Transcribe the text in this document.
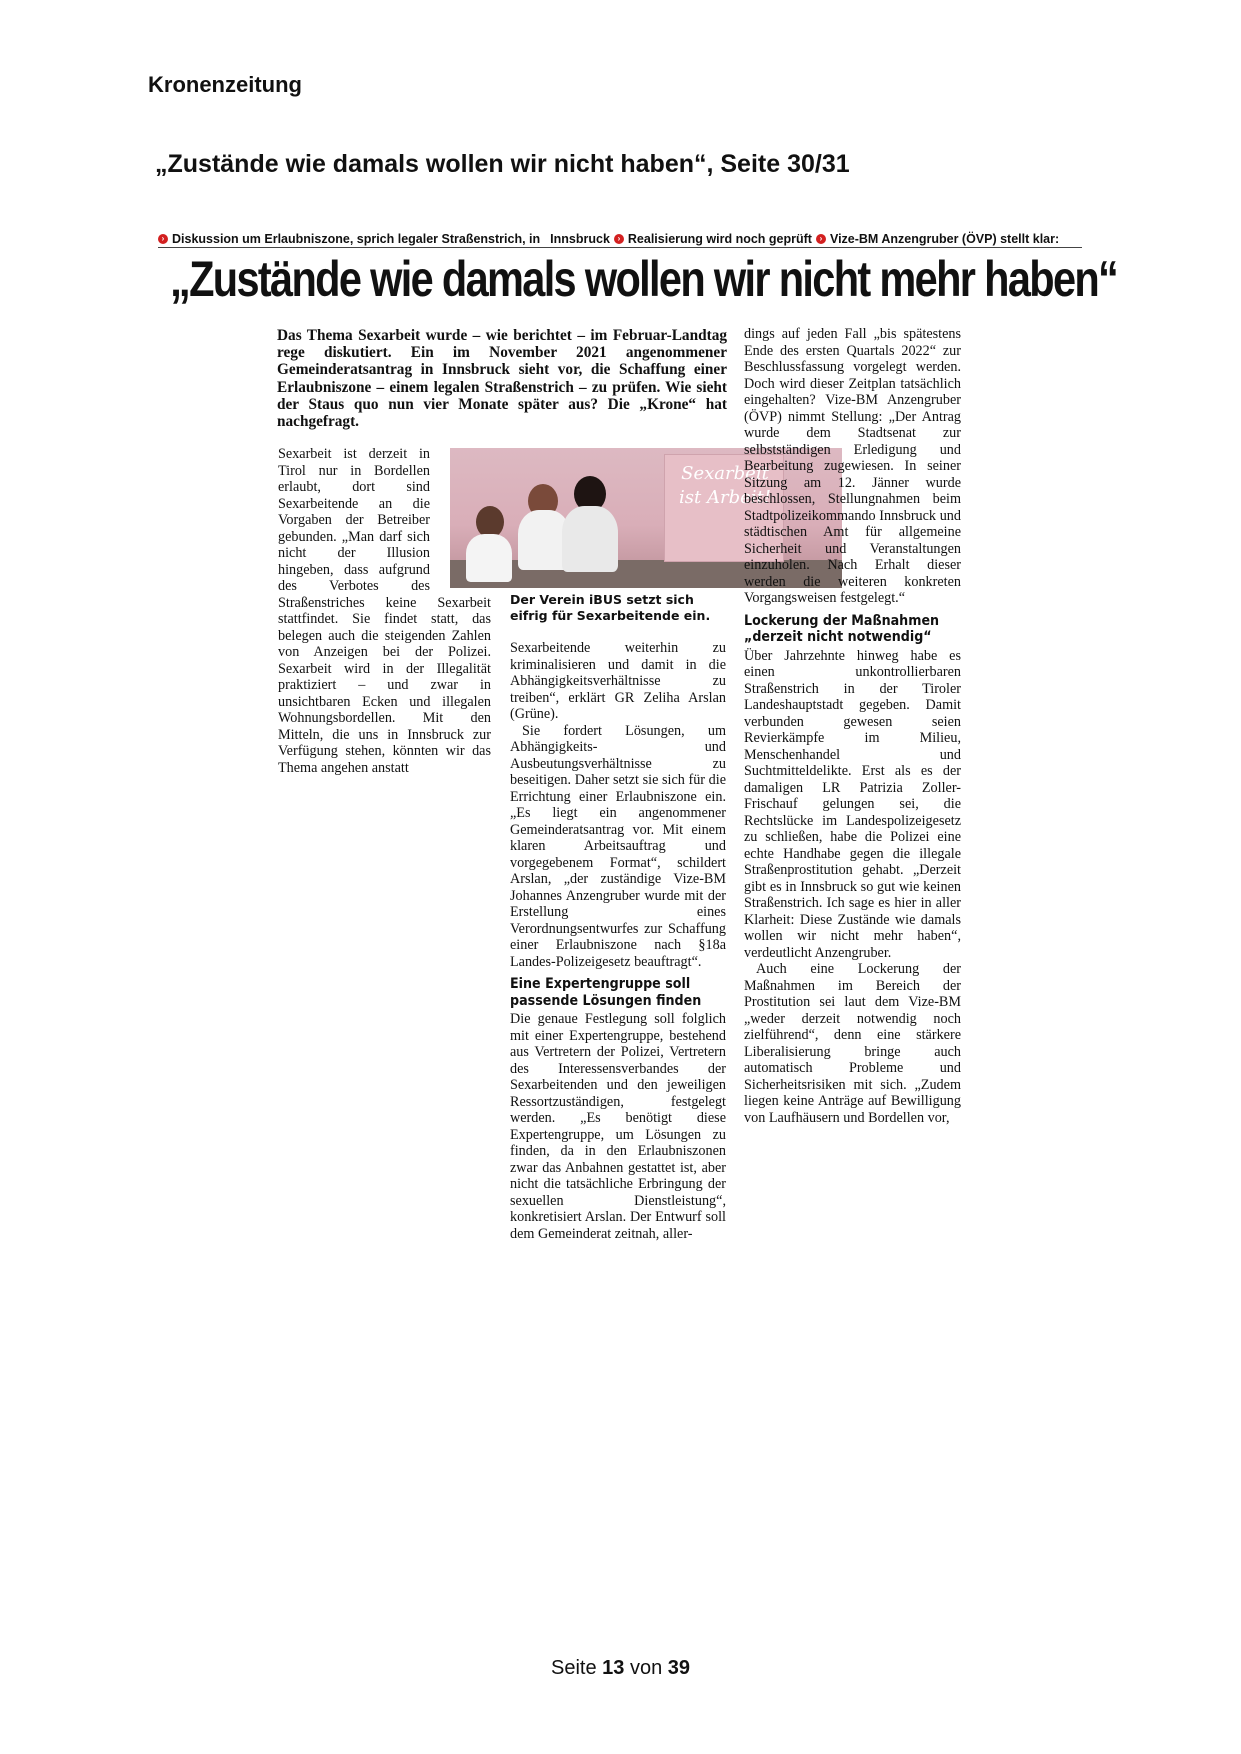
Kronenzeitung
„Zustände wie damals wollen wir nicht haben“, Seite 30/31
› Diskussion um Erlaubniszone, sprich legaler Straßenstrich, in Innsbruck › Realisierung wird noch geprüft › Vize-BM Anzengruber (ÖVP) stellt klar:
„Zustände wie damals wollen wir nicht mehr haben“

Das Thema Sexarbeit wurde – wie berichtet – im Februar-Landtag rege diskutiert. Ein im November 2021 angenommener Gemeinderatsantrag in Innsbruck sieht vor, die Schaffung einer Erlaubniszone – einem legalen Straßenstrich – zu prüfen. Wie sieht der Staus quo nun vier Monate später aus? Die „Krone“ hat nachgefragt.

Sexarbeit ist derzeit in Tirol nur in Bordellen erlaubt, dort sind Sexarbeitende an die Vorgaben der Betreiber gebunden. „Man darf sich nicht der Illusion hingeben, dass aufgrund des Verbotes des Straßenstriches keine Sexarbeit stattfindet. Sie findet statt, das belegen auch die steigenden Zahlen von Anzeigen bei der Polizei. Sexarbeit wird in der Illegalität praktiziert – und zwar in unsichtbaren Ecken und illegalen Wohnungsbordellen. Mit den Mitteln, die uns in Innsbruck zur Verfügung stehen, könnten wir das Thema angehen anstatt

Sexarbeit
ist Arbeit!
Der Verein iBUS setzt sich eifrig für Sexarbeitende ein.

Sexarbeitende weiterhin zu kriminalisieren und damit in die Abhängigkeitsverhältnisse zu treiben“, erklärt GR Zeliha Arslan (Grüne).

Sie fordert Lösungen, um Abhängigkeits- und Ausbeutungsverhältnisse zu beseitigen. Daher setzt sie sich für die Errichtung einer Erlaubniszone ein. „Es liegt ein angenommener Gemeinderatsantrag vor. Mit einem klaren Arbeitsauftrag und vorgegebenem Format“, schildert Arslan, „der zuständige Vize-BM Johannes Anzengruber wurde mit der Erstellung eines Verordnungsentwurfes zur Schaffung einer Erlaubniszone nach §18a Landes-Polizeigesetz beauftragt“.

Eine Expertengruppe soll
passende Lösungen finden

Die genaue Festlegung soll folglich mit einer Expertengruppe, bestehend aus Vertretern der Polizei, Vertretern des Interessensverbandes der Sexarbeitenden und den jeweiligen Ressortzuständigen, festgelegt werden. „Es benötigt diese Expertengruppe, um Lösungen zu finden, da in den Erlaubniszonen zwar das Anbahnen gestattet ist, aber nicht die tatsächliche Erbringung der sexuellen Dienstleistung“, konkretisiert Arslan. Der Entwurf soll dem Gemeinderat zeitnah, aller-

dings auf jeden Fall „bis spätestens Ende des ersten Quartals 2022“ zur Beschlussfassung vorgelegt werden. Doch wird dieser Zeitplan tatsächlich eingehalten? Vize-BM Anzengruber (ÖVP) nimmt Stellung: „Der Antrag wurde dem Stadtsenat zur selbstständigen Erledigung und Bearbeitung zugewiesen. In seiner Sitzung am 12. Jänner wurde beschlossen, Stellungnahmen beim Stadtpolizeikommando Innsbruck und städtischen Amt für allgemeine Sicherheit und Veranstaltungen einzuholen. Nach Erhalt dieser werden die weiteren konkreten Vorgangsweisen festgelegt.“

Lockerung der Maßnahmen
„derzeit nicht notwendig“

Über Jahrzehnte hinweg habe es einen unkontrollierbaren Straßenstrich in der Tiroler Landeshauptstadt gegeben. Damit verbunden gewesen seien Revierkämpfe im Milieu, Menschenhandel und Suchtmitteldelikte. Erst als es der damaligen LR Patrizia Zoller-Frischauf gelungen sei, die Rechtslücke im Landespolizeigesetz zu schließen, habe die Polizei eine echte Handhabe gegen die illegale Straßenprostitution gehabt. „Derzeit gibt es in Innsbruck so gut wie keinen Straßenstrich. Ich sage es hier in aller Klarheit: Diese Zustände wie damals wollen wir nicht mehr haben“, verdeutlicht Anzengruber.

Auch eine Lockerung der Maßnahmen im Bereich der Prostitution sei laut dem Vize-BM „weder derzeit notwendig noch zielführend“, denn eine stärkere Liberalisierung bringe auch automatisch Probleme und Sicherheitsrisiken mit sich. „Zudem liegen keine Anträge auf Bewilligung von Laufhäusern und Bordellen vor,

Seite 13 von 39
